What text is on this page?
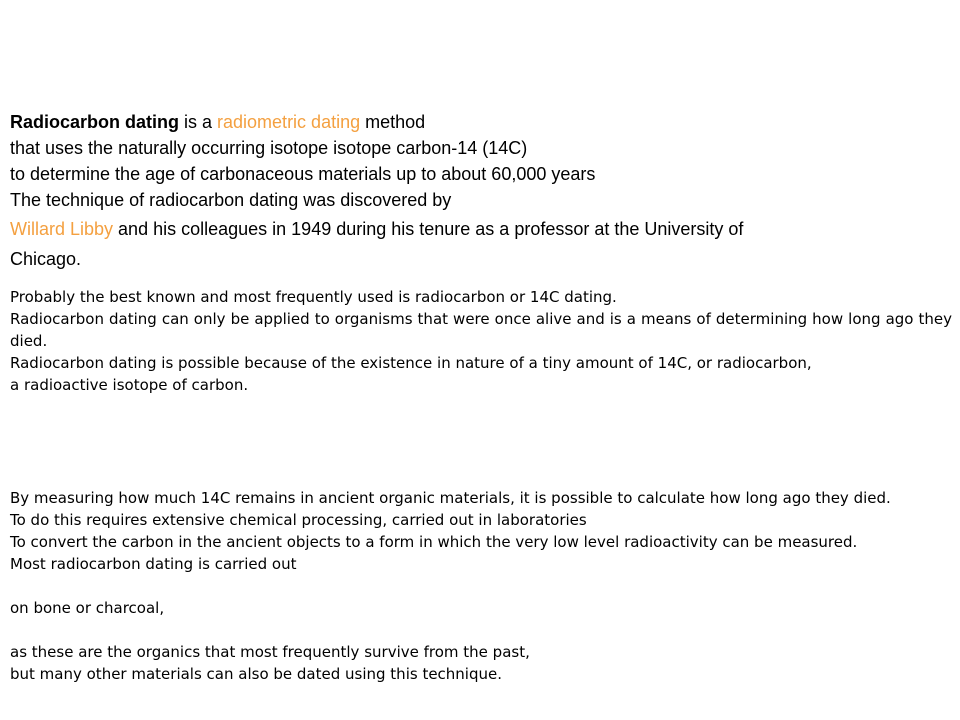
Radiocarbon dating is a radiometric dating method
that uses the naturally occurring isotope isotope carbon-14 (14C)
to determine the age of carbonaceous materials up to about 60,000 years
The technique of radiocarbon dating was discovered by
Willard Libby and his colleagues in 1949 during his tenure as a professor at the University of
Chicago.
Probably the best known and most frequently used is radiocarbon or 14C dating.
Radiocarbon dating can only be applied to organisms that were once alive and is a means of determining how long ago they died.
Radiocarbon dating is possible because of the existence in nature of a tiny amount of 14C, or radiocarbon,
a radioactive isotope of carbon.
By measuring how much 14C remains in ancient organic materials, it is possible to calculate how long ago they died.
To do this requires extensive chemical processing, carried out in laboratories
To convert the carbon in the ancient objects to a form in which the very low level radioactivity can be measured.
Most radiocarbon dating is carried out
on bone or charcoal,
as these are the organics that most frequently survive from the past,
but many other materials can also be dated using this technique.
